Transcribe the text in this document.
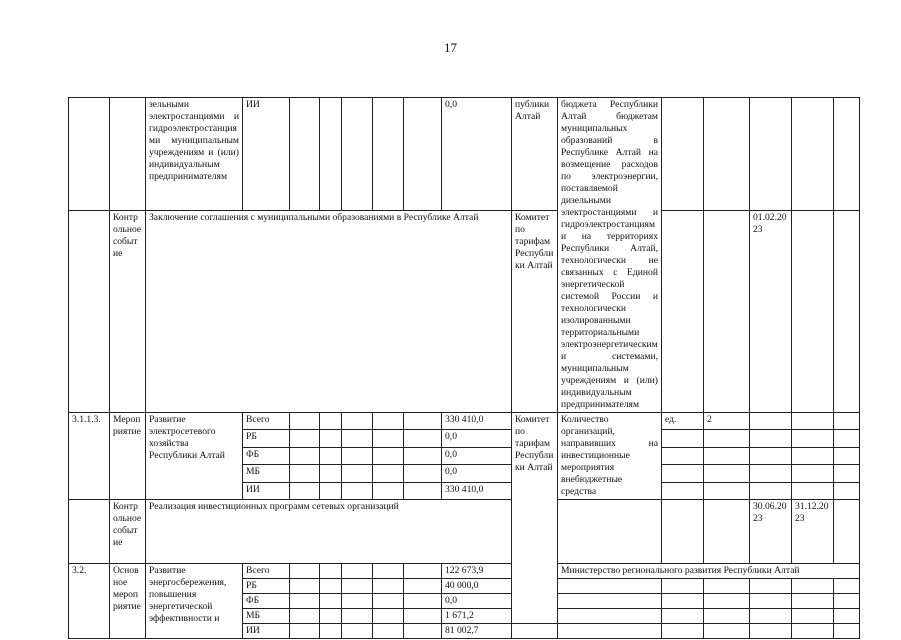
17
		зельными электростанциями и гидроэлектростанциями муниципальным учреждениям и (или) индивидуальным предпринимателям	ИИ						0,0	публики Алтай	бюджета Республики Алтай бюджетам муниципальных образований в Республике Алтай на возмещение расходов по электроэнергии, поставляемой дизельными электростанциями и гидроэлектростанциями на территориях Республики Алтай, технологически не связанных с Единой энергетической системой России и технологически изолированными территориальными электроэнергетическими системами, муниципальным учреждениям и (или) индивидуальным предпринимателям						
	Контрольное событие	Заключение соглашения с муниципальными образованиями в Республике Алтай								Комитет по тарифам Республики Алтай				01.02.2023			
3.1.1.3.	Мероприятие	Развитие электросетевого хозяйства Республики Алтай	Всего						330 410,0	Комитет по тарифам Республики Алтай	Количество организаций, направивших на инвестиционные мероприятия внебюджетные средства	ед.	2				
			РБ						0,0								
			ФБ						0,0								
			МБ						0,0								
			ИИ						330 410,0								
	Контрольное событие	Реализация инвестиционных программ сетевых организаций												30.06.2023	31.12.2023		
3.2.	Основное мероприятие	Развитие энергосбережения, повышения энергетической эффективности и	Всего						122 673,9		Министерство регионального развития Республики Алтай						
			РБ						40 000,0								
			ФБ						0,0								
			МБ						1 671,2								
			ИИ						81 002,7								
